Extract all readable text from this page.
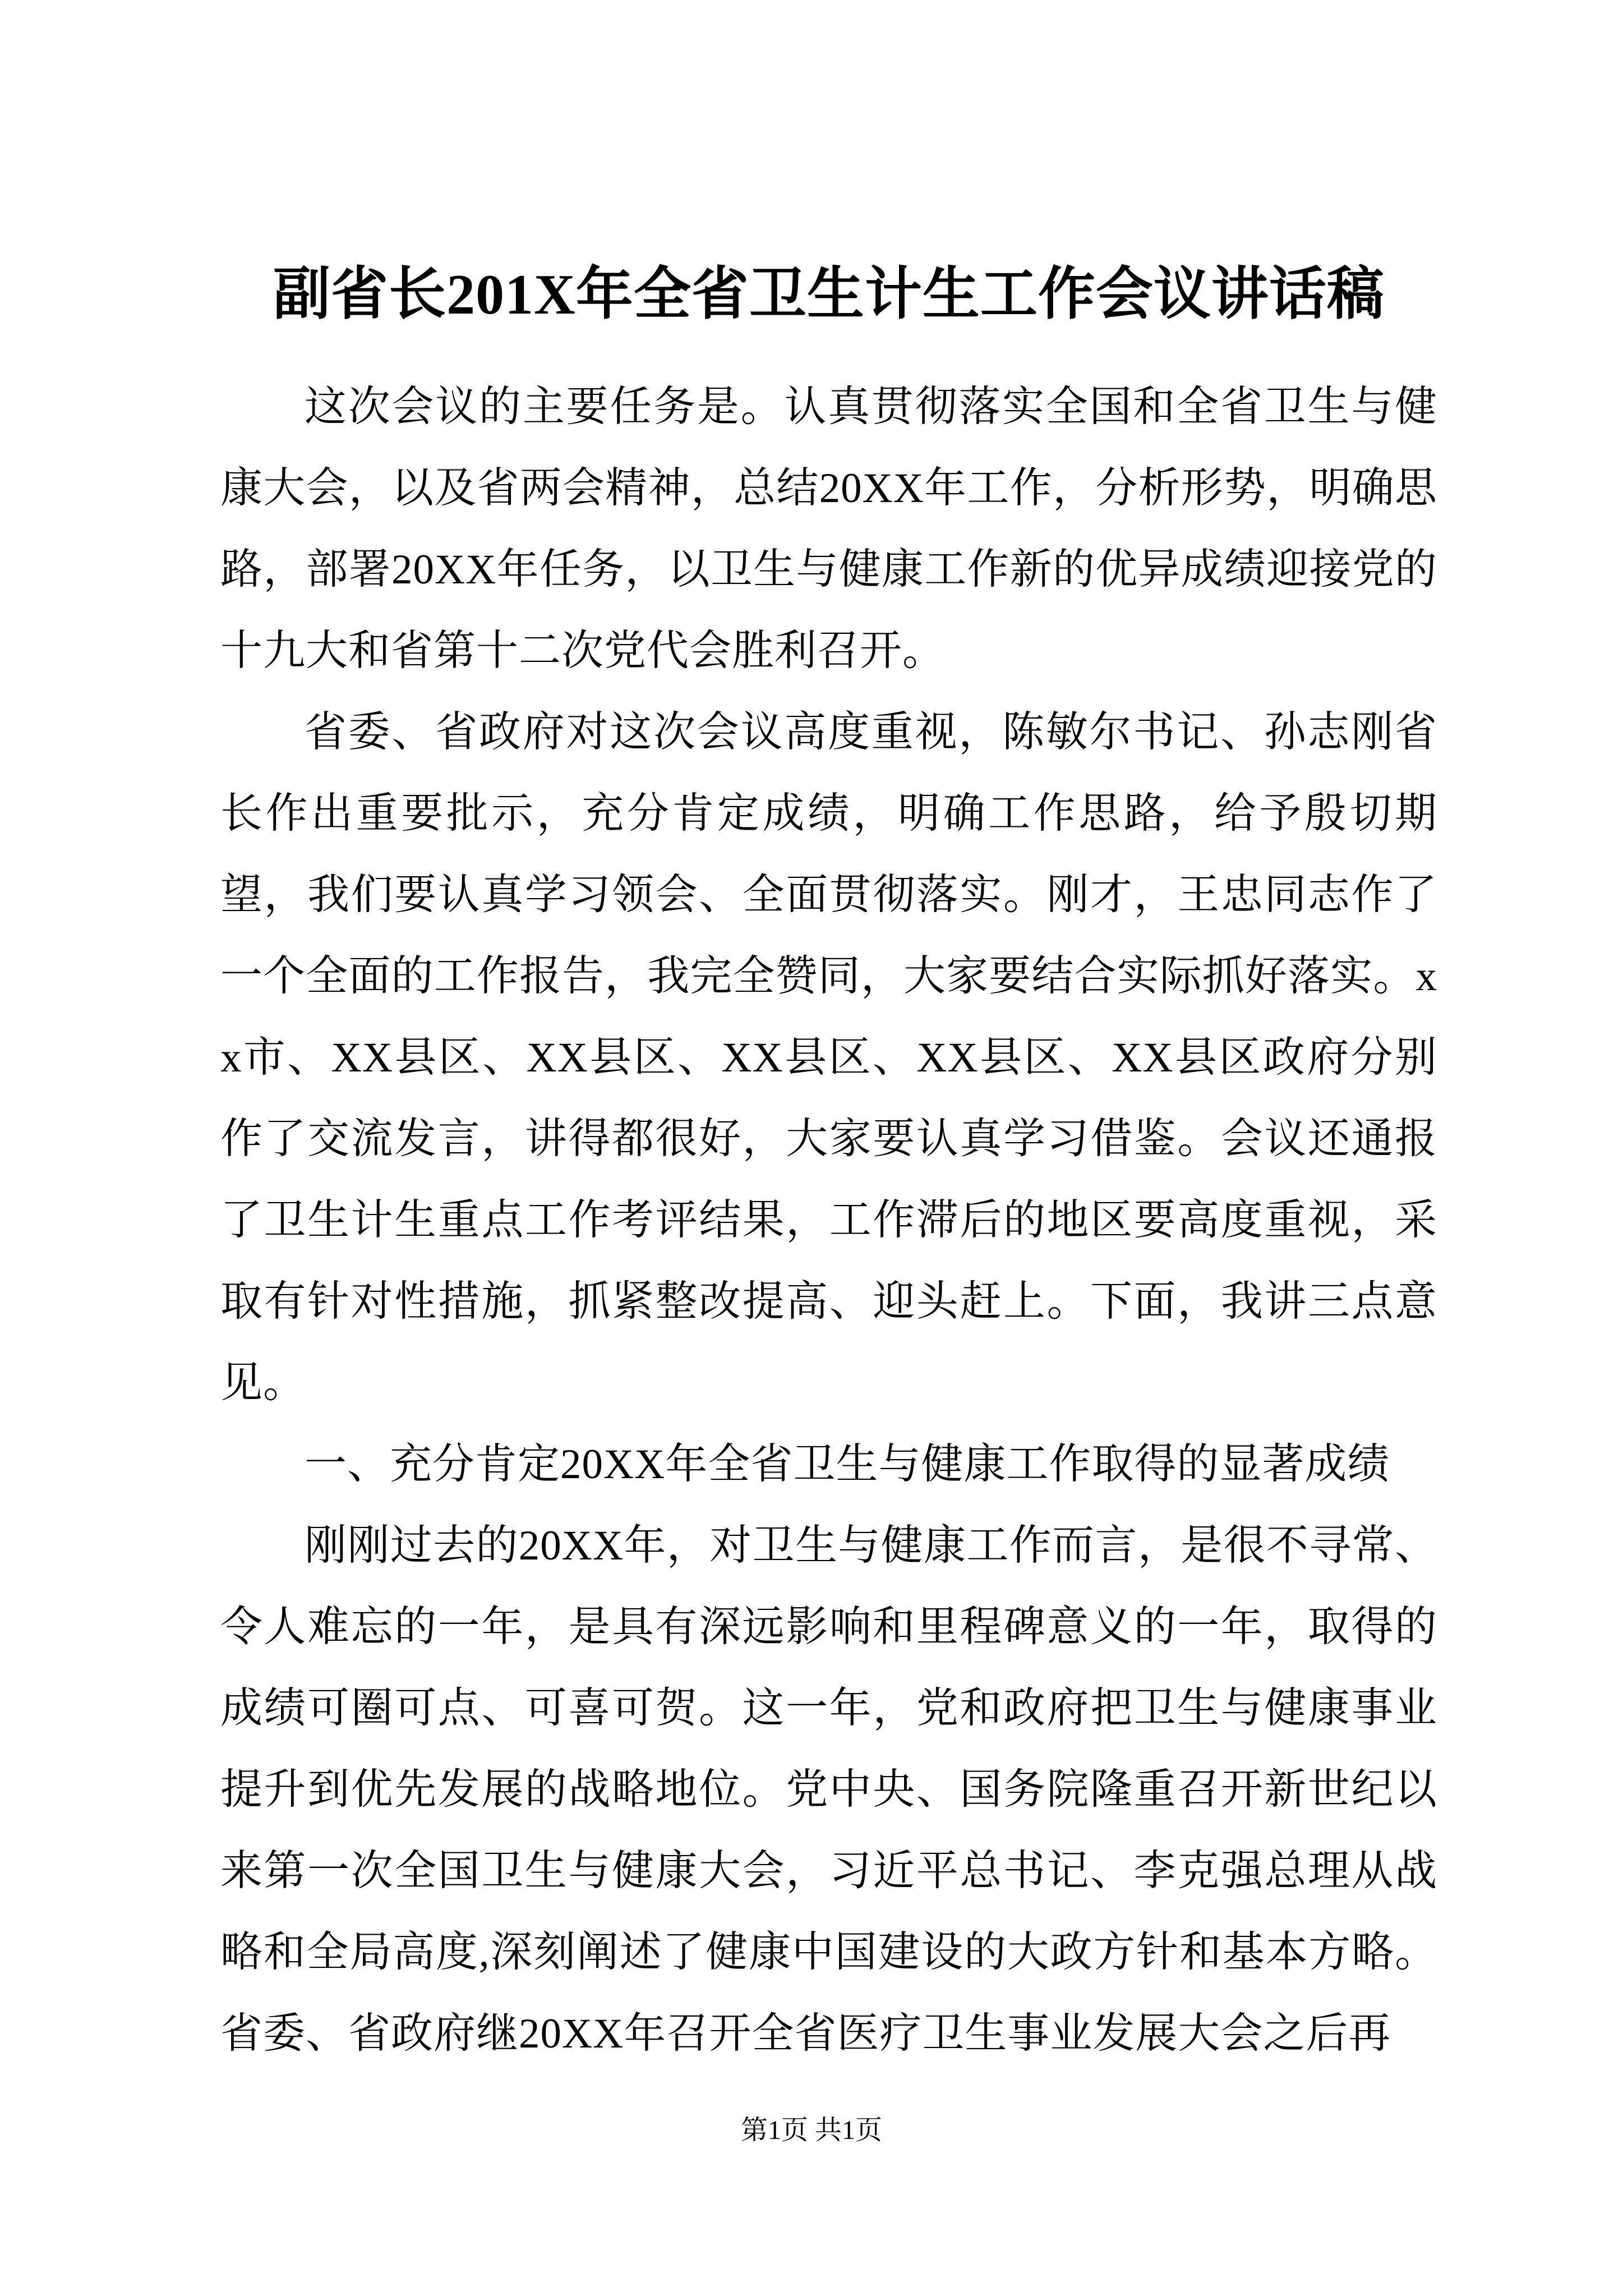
副省长201X年全省卫生计生工作会议讲话稿

这次会议的主要任务是。认真贯彻落实全国和全省卫生与健康大会，以及省两会精神，总结20XX年工作，分析形势，明确思路，部署20XX年任务，以卫生与健康工作新的优异成绩迎接党的十九大和省第十二次党代会胜利召开。

省委、省政府对这次会议高度重视，陈敏尔书记、孙志刚省长作出重要批示，充分肯定成绩，明确工作思路，给予殷切期望，我们要认真学习领会、全面贯彻落实。刚才，王忠同志作了一个全面的工作报告，我完全赞同，大家要结合实际抓好落实。xx市、XX县区、XX县区、XX县区、XX县区、XX县区政府分别作了交流发言，讲得都很好，大家要认真学习借鉴。会议还通报了卫生计生重点工作考评结果，工作滞后的地区要高度重视，采取有针对性措施，抓紧整改提高、迎头赶上。下面，我讲三点意见。

一、充分肯定20XX年全省卫生与健康工作取得的显著成绩

刚刚过去的20XX年，对卫生与健康工作而言，是很不寻常、令人难忘的一年，是具有深远影响和里程碑意义的一年，取得的成绩可圈可点、可喜可贺。这一年，党和政府把卫生与健康事业提升到优先发展的战略地位。党中央、国务院隆重召开新世纪以来第一次全国卫生与健康大会，习近平总书记、李克强总理从战略和全局高度,深刻阐述了健康中国建设的大政方针和基本方略。省委、省政府继20XX年召开全省医疗卫生事业发展大会之后再

第1页 共1页
